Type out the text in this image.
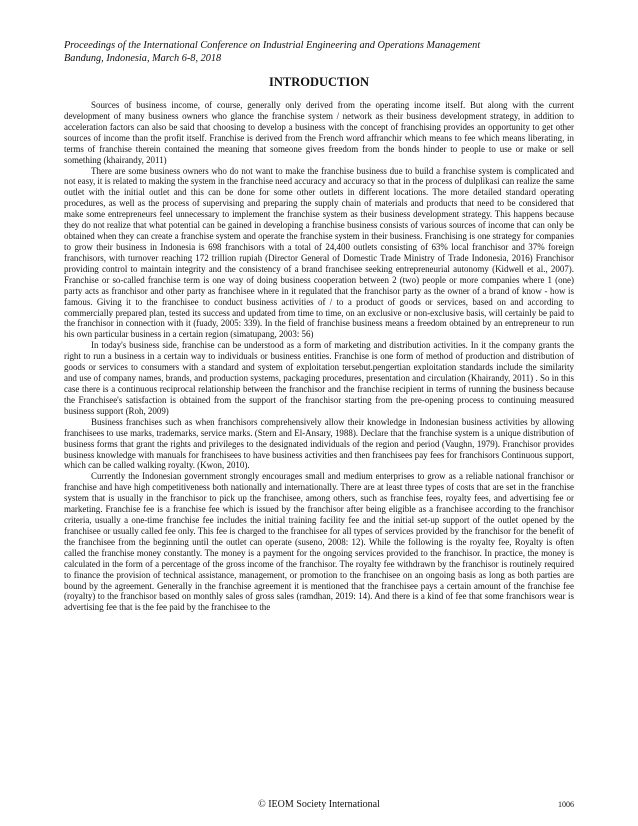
Proceedings of the International Conference on Industrial Engineering and Operations Management
Bandung, Indonesia, March 6-8, 2018
INTRODUCTION

Sources of business income, of course, generally only derived from the operating income itself. But along with the current development of many business owners who glance the franchise system / network as their business development strategy, in addition to acceleration factors can also be said that choosing to develop a business with the concept of franchising provides an opportunity to get other sources of income than the profit itself. Franchise is derived from the French word affranchir which means to fee which means liberating, in terms of franchise therein contained the meaning that someone gives freedom from the bonds hinder to people to use or make or sell something (khairandy, 2011)

There are some business owners who do not want to make the franchise business due to build a franchise system is complicated and not easy, it is related to making the system in the franchise need accuracy and accuracy so that in the process of dulplikasi can realize the same outlet with the initial outlet and this can be done for some other outlets in different locations. The more detailed standard operating procedures, as well as the process of supervising and preparing the supply chain of materials and products that need to be considered that make some entrepreneurs feel unnecessary to implement the franchise system as their business development strategy. This happens because they do not realize that what potential can be gained in developing a franchise business consists of various sources of income that can only be obtained when they can create a franchise system and operate the franchise system in their business. Franchising is one strategy for companies to grow their business in Indonesia is 698 franchisors with a total of 24,400 outlets consisting of 63% local franchisor and 37% foreign franchisors, with turnover reaching 172 trillion rupiah (Director General of Domestic Trade Ministry of Trade Indonesia, 2016) Franchisor providing control to maintain integrity and the consistency of a brand franchisee seeking entrepreneurial autonomy (Kidwell et al., 2007). Franchise or so-called franchise term is one way of doing business cooperation between 2 (two) people or more companies where 1 (one) party acts as franchisor and other party as franchisee where in it regulated that the franchisor party as the owner of a brand of know - how is famous. Giving it to the franchisee to conduct business activities of / to a product of goods or services, based on and according to commercially prepared plan, tested its success and updated from time to time, on an exclusive or non-exclusive basis, will certainly be paid to the franchisor in connection with it (fuady, 2005: 339). In the field of franchise business means a freedom obtained by an entrepreneur to run his own particular business in a certain region (simatupang, 2003: 56)

In today's business side, franchise can be understood as a form of marketing and distribution activities. In it the company grants the right to run a business in a certain way to individuals or business entities. Franchise is one form of method of production and distribution of goods or services to consumers with a standard and system of exploitation tersebut.pengertian exploitation standards include the similarity and use of company names, brands, and production systems, packaging procedures, presentation and circulation (Khairandy, 2011) . So in this case there is a continuous reciprocal relationship between the franchisor and the franchise recipient in terms of running the business because the Franchisee's satisfaction is obtained from the support of the franchisor starting from the pre-opening process to continuing measured business support (Roh, 2009)

Business franchises such as when franchisors comprehensively allow their knowledge in Indonesian business activities by allowing franchisees to use marks, trademarks, service marks. (Stern and El-Ansary, 1988). Declare that the franchise system is a unique distribution of business forms that grant the rights and privileges to the designated individuals of the region and period (Vaughn, 1979). Franchisor provides business knowledge with manuals for franchisees to have business activities and then franchisees pay fees for franchisors Continuous support, which can be called walking royalty. (Kwon, 2010).

Currently the Indonesian government strongly encourages small and medium enterprises to grow as a reliable national franchisor or franchise and have high competitiveness both nationally and internationally. There are at least three types of costs that are set in the franchise system that is usually in the franchisor to pick up the franchisee, among others, such as franchise fees, royalty fees, and advertising fee or marketing. Franchise fee is a franchise fee which is issued by the franchisor after being eligible as a franchisee according to the franchisor criteria, usually a one-time franchise fee includes the initial training facility fee and the initial set-up support of the outlet opened by the franchisee or usually called fee only. This fee is charged to the franchisee for all types of services provided by the franchisor for the benefit of the franchisee from the beginning until the outlet can operate (suseno, 2008: 12). While the following is the royalty fee, Royalty is often called the franchise money constantly. The money is a payment for the ongoing services provided to the franchisor. In practice, the money is calculated in the form of a percentage of the gross income of the franchisor. The royalty fee withdrawn by the franchisor is routinely required to finance the provision of technical assistance, management, or promotion to the franchisee on an ongoing basis as long as both parties are bound by the agreement. Generally in the franchise agreement it is mentioned that the franchisee pays a certain amount of the franchise fee (royalty) to the franchisor based on monthly sales of gross sales (ramdhan, 2019: 14). And there is a kind of fee that some franchisors wear is advertising fee that is the fee paid by the franchisee to the

© IEOM Society International	1006
